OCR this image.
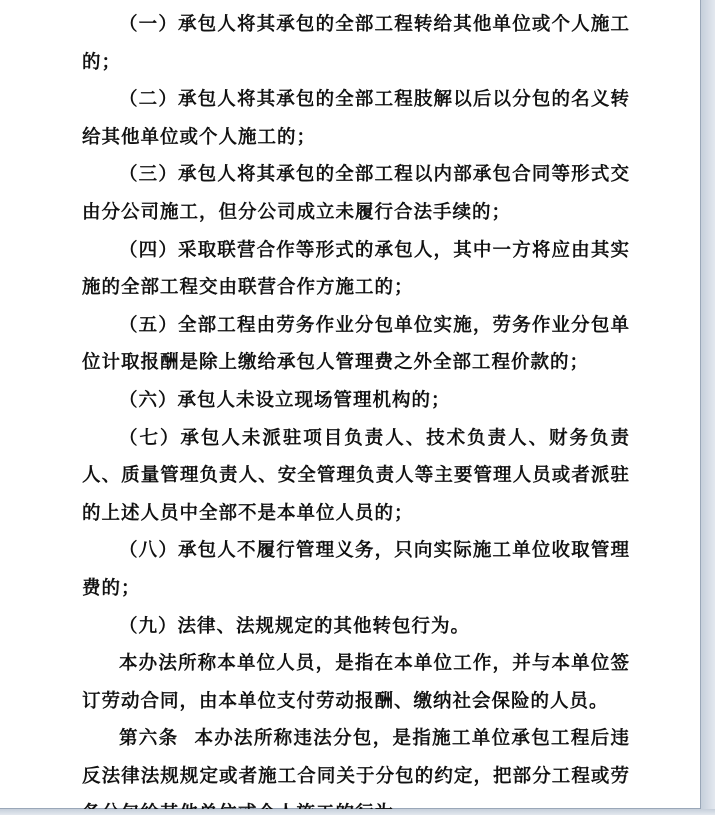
（一）承包人将其承包的全部工程转给其他单位或个人施工的；

（二）承包人将其承包的全部工程肢解以后以分包的名义转给其他单位或个人施工的；

（三）承包人将其承包的全部工程以内部承包合同等形式交由分公司施工，但分公司成立未履行合法手续的；

（四）采取联营合作等形式的承包人，其中一方将应由其实施的全部工程交由联营合作方施工的；

（五）全部工程由劳务作业分包单位实施，劳务作业分包单位计取报酬是除上缴给承包人管理费之外全部工程价款的；

（六）承包人未设立现场管理机构的；

（七）承包人未派驻项目负责人、技术负责人、财务负责人、质量管理负责人、安全管理负责人等主要管理人员或者派驻的上述人员中全部不是本单位人员的；

（八）承包人不履行管理义务，只向实际施工单位收取管理费的；

（九）法律、法规规定的其他转包行为。

本办法所称本单位人员，是指在本单位工作，并与本单位签订劳动合同，由本单位支付劳动报酬、缴纳社会保险的人员。

第六条 本办法所称违法分包，是指施工单位承包工程后违反法律法规规定或者施工合同关于分包的约定，把部分工程或劳
